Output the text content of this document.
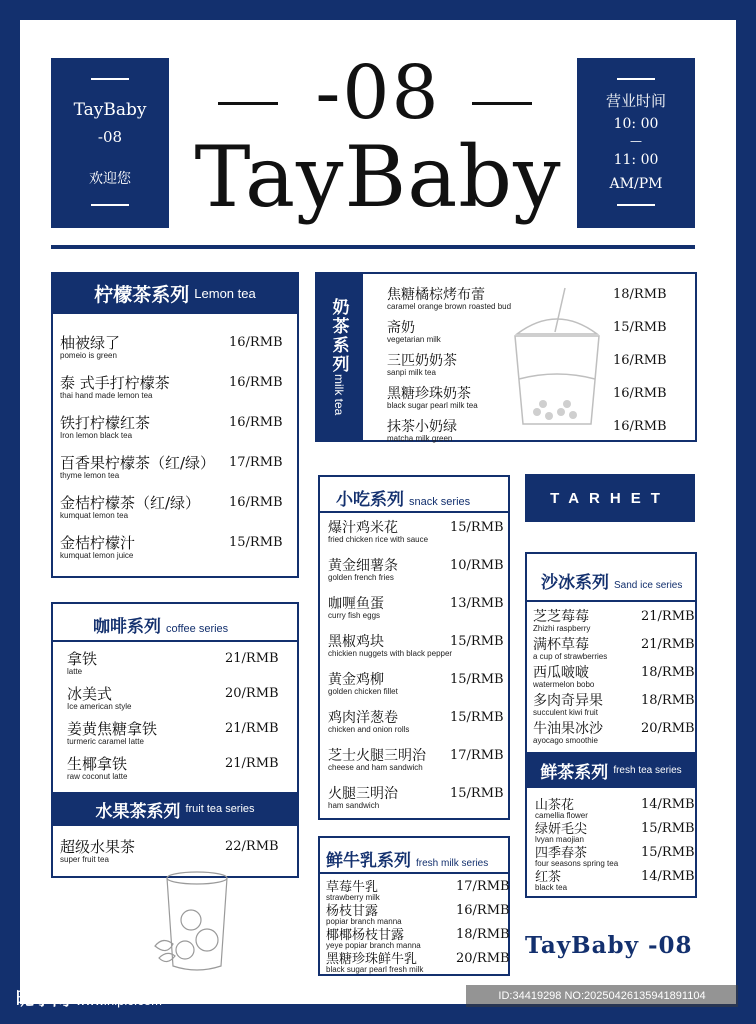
TayBaby
-08
欢迎您
-08
TayBaby
营业时间
10: 00
—
11: 00
AM/PM
柠檬茶系列 Lemon tea
柚被绿了
pomeio is green
16/RMB
泰 式手打柠檬茶
thai hand made lemon tea
16/RMB
铁打柠檬红茶
Iron lemon black tea
16/RMB
百香果柠檬茶（红/绿）
thyme lemon tea
17/RMB
金桔柠檬茶（红/绿）
kumquat lemon tea
16/RMB
金桔柠檬汁
kumquat lemon juice
15/RMB
奶茶系列
milk tea
焦糖橘棕烤布蕾
caramel orange brown roasted bud
18/RMB
斋奶
vegetarian milk
15/RMB
三匹奶奶茶
sanpi milk tea
16/RMB
黑糖珍珠奶茶
black sugar pearl milk tea
16/RMB
抹茶小奶绿
matcha milk green
16/RMB
咖啡系列 coffee series
拿铁
latte
21/RMB
冰美式
Ice american style
20/RMB
姜黄焦糖拿铁
turmeric caramel latte
21/RMB
生椰拿铁
raw coconut latte
21/RMB
水果茶系列 fruit tea series
超级水果茶
super fruit tea
22/RMB
小吃系列 snack series
爆汁鸡米花
fried chicken rice with sauce
15/RMB
黄金细薯条
golden french fries
10/RMB
咖喱鱼蛋
curry fish eggs
13/RMB
黑椒鸡块
chickien nuggets with black pepper
15/RMB
黄金鸡柳
golden chicken fillet
15/RMB
鸡肉洋葱卷
chicken and onion rolls
15/RMB
芝士火腿三明治
cheese and ham sandwich
17/RMB
火腿三明治
ham sandwich
15/RMB
鲜牛乳系列 fresh milk series
草莓牛乳
strawberry milk
17/RMB
杨枝甘露
popiar branch manna
16/RMB
椰椰杨枝甘露
yeye popiar branch manna
18/RMB
黑糖珍珠鲜牛乳
black sugar pearl fresh milk
20/RMB
TARHET
沙冰系列 Sand ice series
芝芝莓莓
Zhizhi raspberry
21/RMB
满杯草莓
a cup of strawberries
21/RMB
西瓜啵啵
watermelon bobo
18/RMB
多肉奇异果
succulent kiwi fruit
18/RMB
牛油果冰沙
ayocago smoothie
20/RMB
鲜茶系列 fresh tea series
山茶花
camellia flower
14/RMB
绿妍毛尖
lvyan maojian
15/RMB
四季春茶
four seasons spring tea
15/RMB
红茶
black tea
14/RMB
TayBaby -08
昵享网 www.nipic.com	ID:34419298 NO:20250426135941891104
